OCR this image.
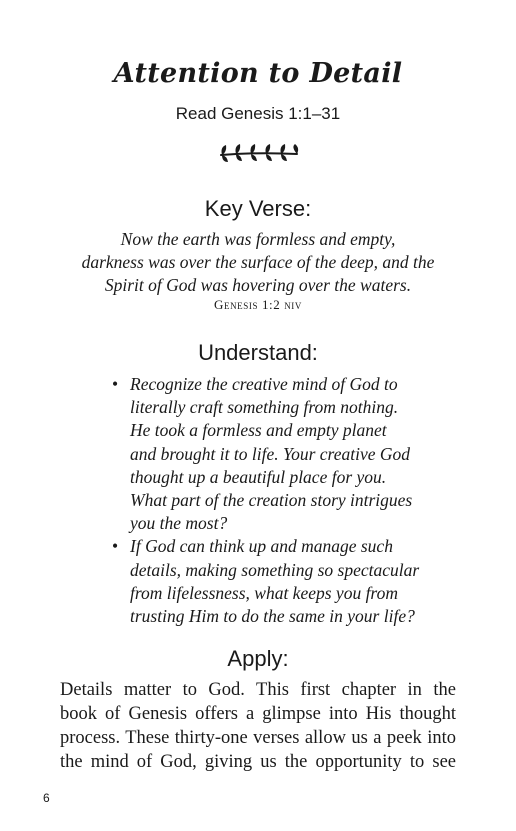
Attention to Detail
Read Genesis 1:1–31
Key Verse:
Now the earth was formless and empty,
darkness was over the surface of the deep, and the
Spirit of God was hovering over the waters.
Genesis 1:2 niv
Understand:
• Recognize the creative mind of God to
literally craft something from nothing.
He took a formless and empty planet
and brought it to life. Your creative God
thought up a beautiful place for you.
What part of the creation story intrigues
you the most?
• If God can think up and manage such
details, making something so spectacular
from lifelessness, what keeps you from
trusting Him to do the same in your life?
Apply:
Details matter to God. This first chapter in the
book of Genesis offers a glimpse into His thought
process. These thirty-one verses allow us a peek into
the mind of God, giving us the opportunity to see
6
